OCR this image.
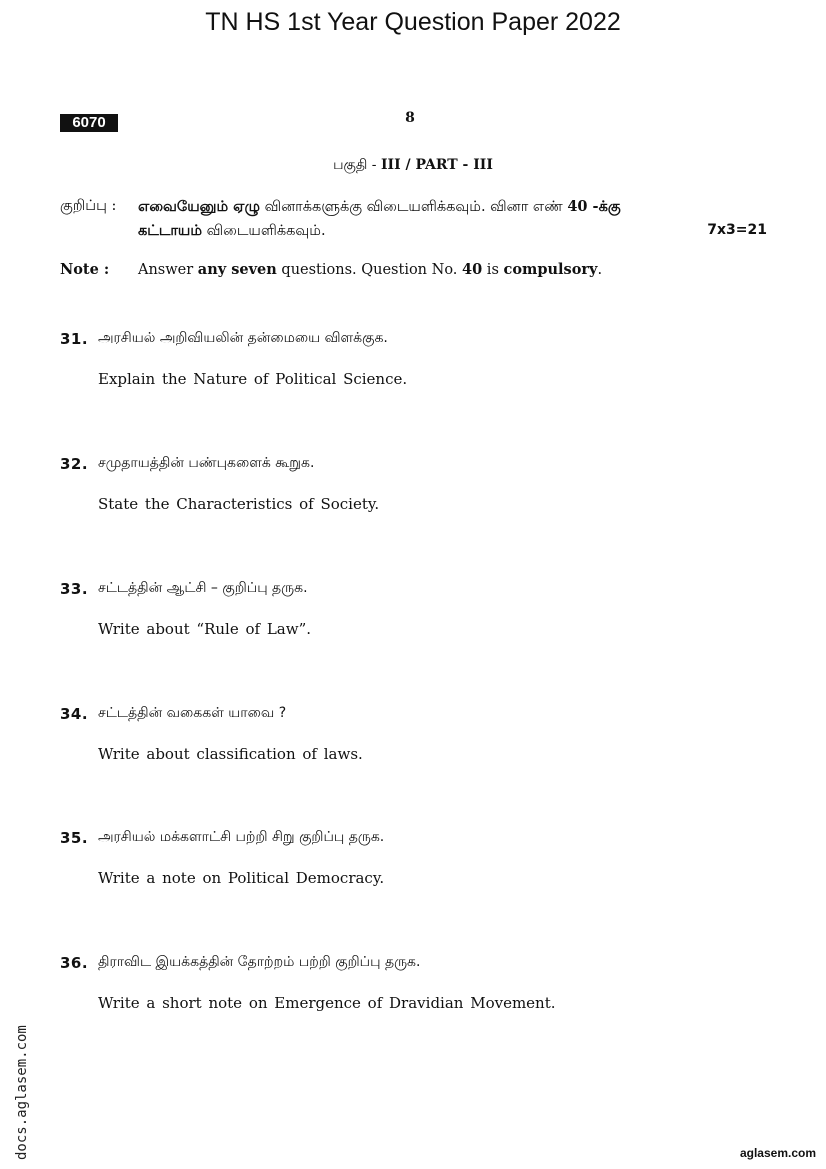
TN HS 1st Year Question Paper 2022
6070	8
பகுதி - III / PART - III
குறிப்பு : எவையேனும் ஏழு வினாக்களுக்கு விடையளிக்கவும். வினா எண் 40 -க்கு
கட்டாயம் விடையளிக்கவும்.	7x3=21
Note : Answer any seven questions. Question No. 40 is compulsory.
31. அரசியல் அறிவியலின் தன்மையை விளக்குக.
Explain the Nature of Political Science.
32. சமுதாயத்தின் பண்புகளைக் கூறுக.
State the Characteristics of Society.
33. சட்டத்தின் ஆட்சி – குறிப்பு தருக.
Write about “Rule of Law”.
34. சட்டத்தின் வகைகள் யாவை ?
Write about classification of laws.
35. அரசியல் மக்களாட்சி பற்றி சிறு குறிப்பு தருக.
Write a note on Political Democracy.
36. திராவிட இயக்கத்தின் தோற்றம் பற்றி குறிப்பு தருக.
Write a short note on Emergence of Dravidian Movement.
docs.aglasem.com	aglasem.com
